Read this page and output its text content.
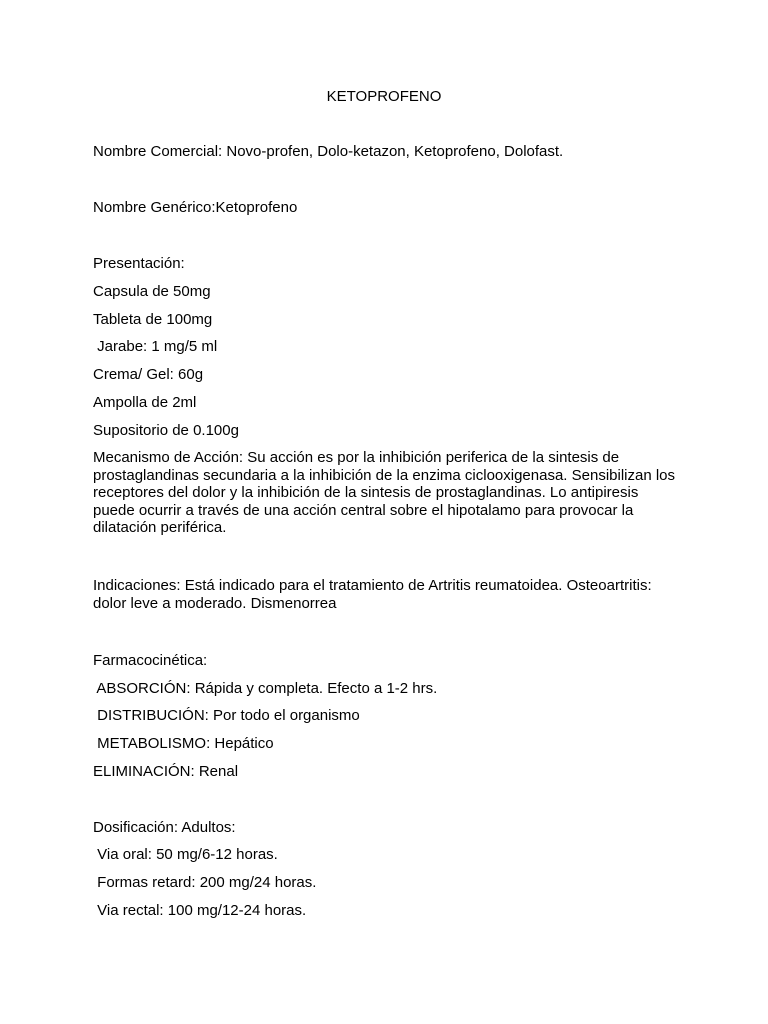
KETOPROFENO
Nombre Comercial: Novo-profen, Dolo-ketazon, Ketoprofeno, Dolofast.
Nombre Genérico:Ketoprofeno
Presentación:
Capsula de 50mg
Tableta de 100mg
Jarabe: 1 mg/5 ml
Crema/ Gel: 60g
Ampolla de 2ml
Supositorio de 0.100g
Mecanismo de Acción: Su acción es por la inhibición periferica de la sintesis de prostaglandinas secundaria a la inhibición de la enzima ciclooxigenasa. Sensibilizan los receptores del dolor y la inhibición de la sintesis de prostaglandinas. Lo antipiresis puede ocurrir a través de una acción central sobre el hipotalamo para provocar la dilatación periférica.
Indicaciones: Está indicado para el tratamiento de Artritis reumatoidea. Osteoartritis: dolor leve a moderado. Dismenorrea
Farmacocinética:
ABSORCIÓN: Rápida y completa. Efecto a 1-2 hrs.
DISTRIBUCIÓN: Por todo el organismo
METABOLISMO: Hepático
ELIMINACIÓN: Renal
Dosificación: Adultos:
Via oral: 50 mg/6-12 horas.
Formas retard: 200 mg/24 horas.
Via rectal: 100 mg/12-24 horas.
